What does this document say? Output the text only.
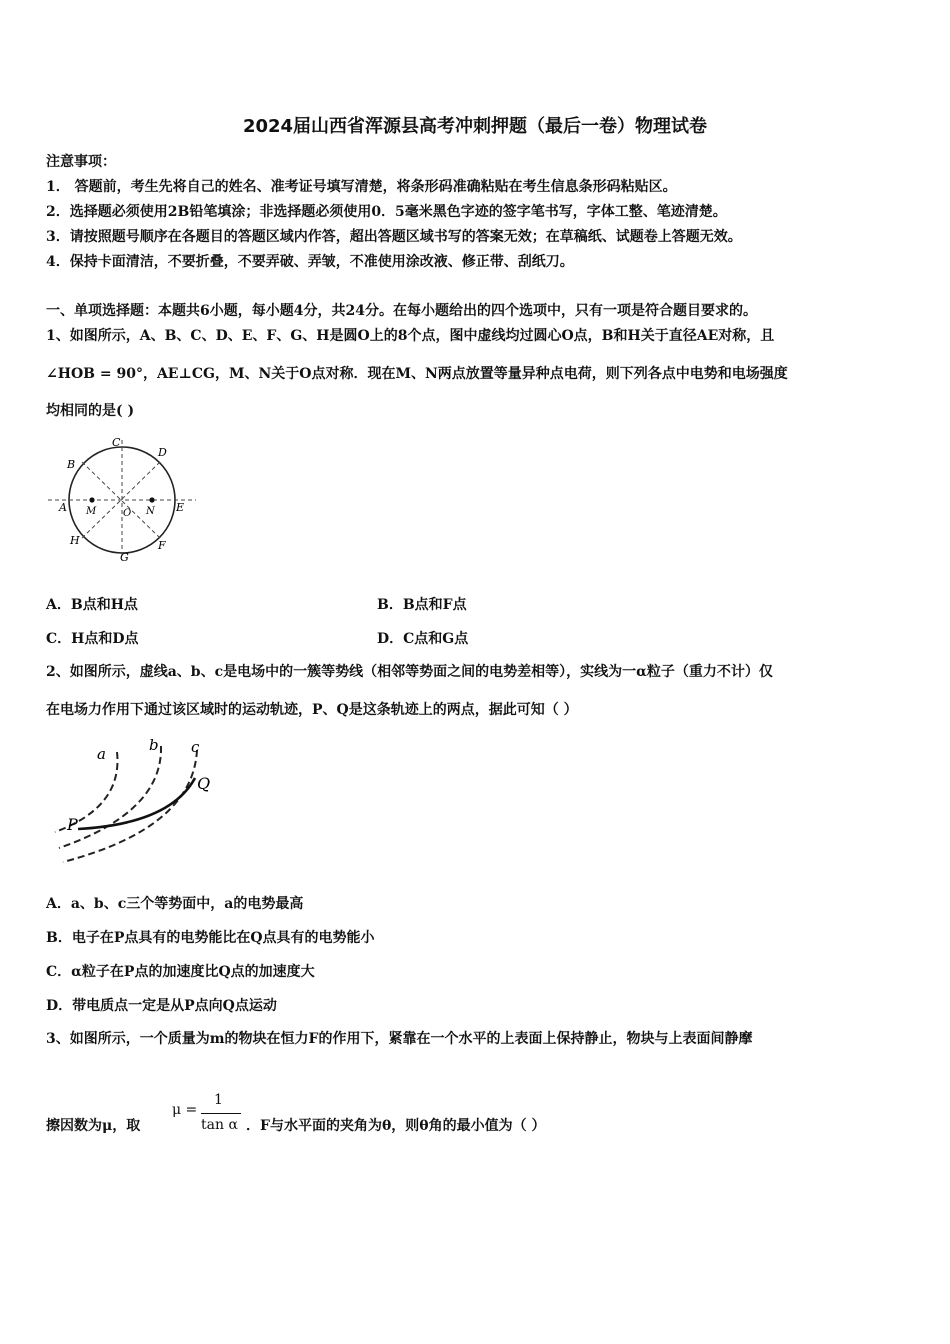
2024届山西省浑源县高考冲刺押题（最后一卷）物理试卷
注意事项：
1． 答题前，考生先将自己的姓名、准考证号填写清楚，将条形码准确粘贴在考生信息条形码粘贴区。
2．选择题必须使用2B铅笔填涂；非选择题必须使用0．5毫米黑色字迹的签字笔书写，字体工整、笔迹清楚。
3．请按照题号顺序在各题目的答题区域内作答，超出答题区域书写的答案无效；在草稿纸、试题卷上答题无效。
4．保持卡面清洁，不要折叠，不要弄破、弄皱，不准使用涂改液、修正带、刮纸刀。
一、单项选择题：本题共6小题，每小题4分，共24分。在每小题给出的四个选项中，只有一项是符合题目要求的。
1、如图所示，A、B、C、D、E、F、G、H是圆O上的8个点，图中虚线均过圆心O点，B和H关于直径AE对称，且
∠HOB = 90°，AE⊥CG，M、N关于O点对称．现在M、N两点放置等量异种点电荷，则下列各点中电势和电场强度
均相同的是( )
C
D
B
A M	O N E
H
G
F
A．B点和H点	B．B点和F点
C．H点和D点	D．C点和G点
2、如图所示，虚线a、b、c是电场中的一簇等势线（相邻等势面之间的电势差相等），实线为一α粒子（重力不计）仅
在电场力作用下通过该区域时的运动轨迹，P、Q是这条轨迹上的两点，据此可知（ ）
a	b c
Q
P
A．a、b、c三个等势面中，a的电势最高
B．电子在P点具有的电势能比在Q点具有的电势能小
C．α粒子在P点的加速度比Q点的加速度大
D．带电质点一定是从P点向Q点运动
3、如图所示，一个质量为m的物块在恒力F的作用下，紧靠在一个水平的上表面上保持静止，物块与上表面间静摩
擦因数为μ，取
μ =
1
tan α ．F与水平面的夹角为θ，则θ角的最小值为（ ）
